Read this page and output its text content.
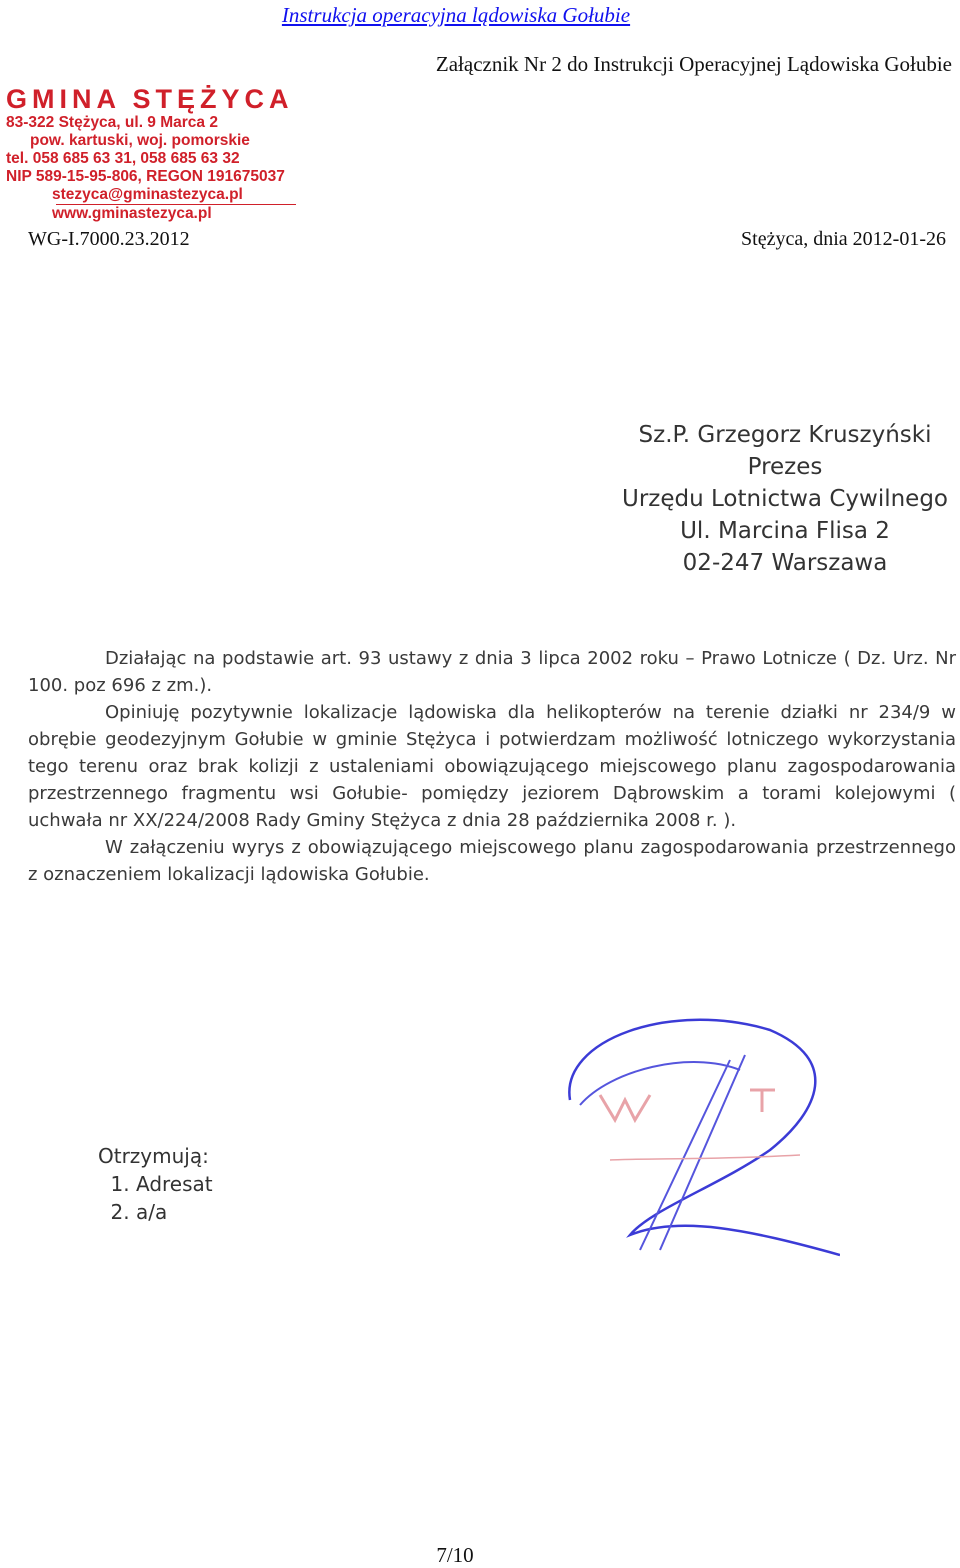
Instrukcja operacyjna lądowiska Gołubie
Załącznik Nr 2 do Instrukcji Operacyjnej Lądowiska Gołubie
GMINA STĘŻYCA
83-322 Stężyca, ul. 9 Marca 2
pow. kartuski, woj. pomorskie
tel. 058 685 63 31, 058 685 63 32
NIP 589-15-95-806, REGON 191675037
stezyca@gminastezyca.pl
www.gminastezyca.pl
WG-I.7000.23.2012	Stężyca, dnia 2012-01-26
Sz.P. Grzegorz Kruszyński
Prezes
Urzędu Lotnictwa Cywilnego
Ul. Marcina Flisa 2
02-247 Warszawa

Działając na podstawie art. 93 ustawy z dnia 3 lipca 2002 roku – Prawo Lotnicze ( Dz. Urz. Nr 100. poz 696 z zm.).

Opiniuję pozytywnie lokalizacje lądowiska dla helikopterów na terenie działki nr 234/9 w obrębie geodezyjnym Gołubie w gminie Stężyca i potwierdzam możliwość lotniczego wykorzystania tego terenu oraz brak kolizji z ustaleniami obowiązującego miejscowego planu zagospodarowania przestrzennego fragmentu wsi Gołubie- pomiędzy jeziorem Dąbrowskim a torami kolejowymi ( uchwała nr XX/224/2008 Rady Gminy Stężyca z dnia 28 października 2008 r. ).

W załączeniu wyrys z obowiązującego miejscowego planu zagospodarowania przestrzennego z oznaczeniem lokalizacji lądowiska Gołubie.

Otrzymują:
1. Adresat
2. a/a
7/10
